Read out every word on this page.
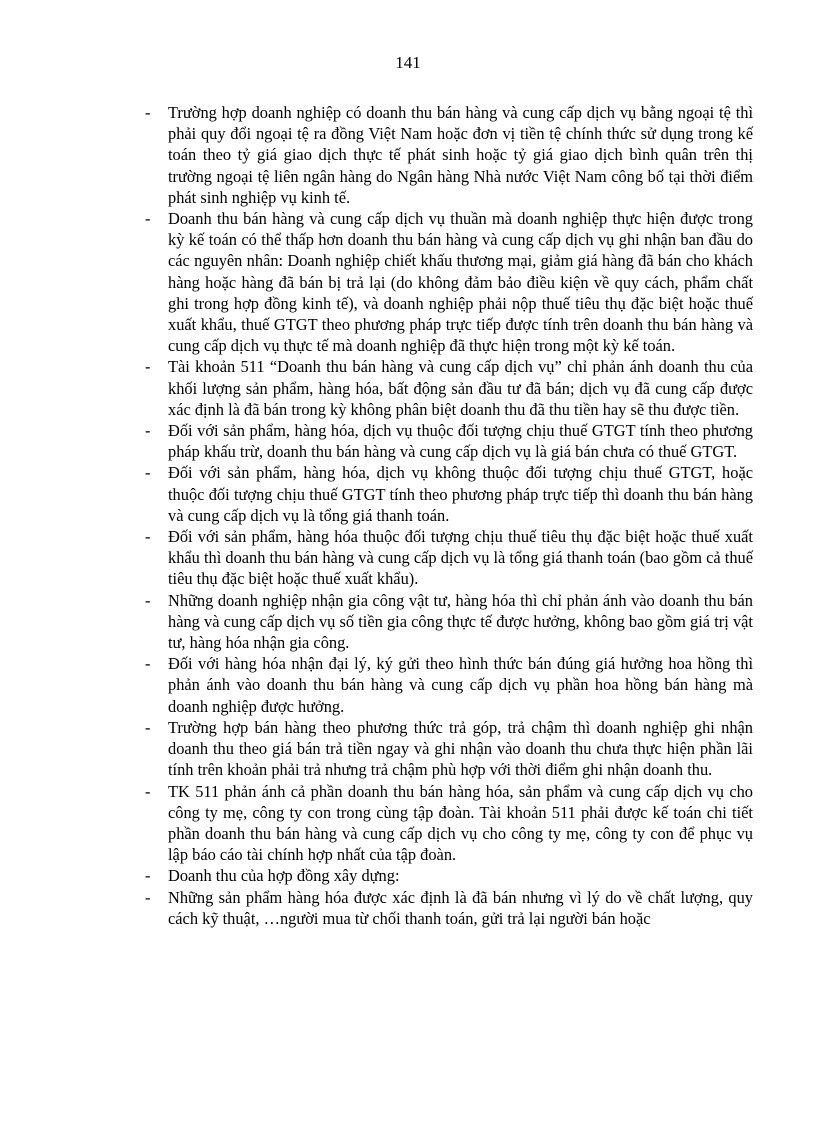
141
- Trường hợp doanh nghiệp có doanh thu bán hàng và cung cấp dịch vụ bằng ngoại tệ thì phải quy đổi ngoại tệ ra đồng Việt Nam hoặc đơn vị tiền tệ chính thức sử dụng trong kế toán theo tỷ giá giao dịch thực tế phát sinh hoặc tỷ giá giao dịch bình quân trên thị trường ngoại tệ liên ngân hàng do Ngân hàng Nhà nước Việt Nam công bố tại thời điểm phát sinh nghiệp vụ kinh tế.
- Doanh thu bán hàng và cung cấp dịch vụ thuần mà doanh nghiệp thực hiện được trong kỳ kế toán có thể thấp hơn doanh thu bán hàng và cung cấp dịch vụ ghi nhận ban đầu do các nguyên nhân: Doanh nghiệp chiết khấu thương mại, giảm giá hàng đã bán cho khách hàng hoặc hàng đã bán bị trả lại (do không đảm bảo điều kiện về quy cách, phẩm chất ghi trong hợp đồng kinh tế), và doanh nghiệp phải nộp thuế tiêu thụ đặc biệt hoặc thuế xuất khẩu, thuế GTGT theo phương pháp trực tiếp được tính trên doanh thu bán hàng và cung cấp dịch vụ thực tế mà doanh nghiệp đã thực hiện trong một kỳ kế toán.
- Tài khoản 511 “Doanh thu bán hàng và cung cấp dịch vụ” chỉ phản ánh doanh thu của khối lượng sản phẩm, hàng hóa, bất động sản đầu tư đã bán; dịch vụ đã cung cấp được xác định là đã bán trong kỳ không phân biệt doanh thu đã thu tiền hay sẽ thu được tiền.
- Đối với sản phẩm, hàng hóa, dịch vụ thuộc đối tượng chịu thuế GTGT tính theo phương pháp khấu trừ, doanh thu bán hàng và cung cấp dịch vụ là giá bán chưa có thuế GTGT.
- Đối với sản phẩm, hàng hóa, dịch vụ không thuộc đối tượng chịu thuế GTGT, hoặc thuộc đối tượng chịu thuế GTGT tính theo phương pháp trực tiếp thì doanh thu bán hàng và cung cấp dịch vụ là tổng giá thanh toán.
- Đối với sản phẩm, hàng hóa thuộc đối tượng chịu thuế tiêu thụ đặc biệt hoặc thuế xuất khẩu thì doanh thu bán hàng và cung cấp dịch vụ là tổng giá thanh toán (bao gồm cả thuế tiêu thụ đặc biệt hoặc thuế xuất khẩu).
- Những doanh nghiệp nhận gia công vật tư, hàng hóa thì chỉ phản ánh vào doanh thu bán hàng và cung cấp dịch vụ số tiền gia công thực tế được hưởng, không bao gồm giá trị vật tư, hàng hóa nhận gia công.
- Đối với hàng hóa nhận đại lý, ký gửi theo hình thức bán đúng giá hưởng hoa hồng thì phản ánh vào doanh thu bán hàng và cung cấp dịch vụ phần hoa hồng bán hàng mà doanh nghiệp được hưởng.
- Trường hợp bán hàng theo phương thức trả góp, trả chậm thì doanh nghiệp ghi nhận doanh thu theo giá bán trả tiền ngay và ghi nhận vào doanh thu chưa thực hiện phần lãi tính trên khoản phải trả nhưng trả chậm phù hợp với thời điểm ghi nhận doanh thu.
- TK 511 phản ánh cả phần doanh thu bán hàng hóa, sản phẩm và cung cấp dịch vụ cho công ty mẹ, công ty con trong cùng tập đoàn. Tài khoản 511 phải được kế toán chi tiết phần doanh thu bán hàng và cung cấp dịch vụ cho công ty mẹ, công ty con để phục vụ lập báo cáo tài chính hợp nhất của tập đoàn.
- Doanh thu của hợp đồng xây dựng:
- Những sản phẩm hàng hóa được xác định là đã bán nhưng vì lý do về chất lượng, quy cách kỹ thuật, …người mua từ chối thanh toán, gửi trả lại người bán hoặc
